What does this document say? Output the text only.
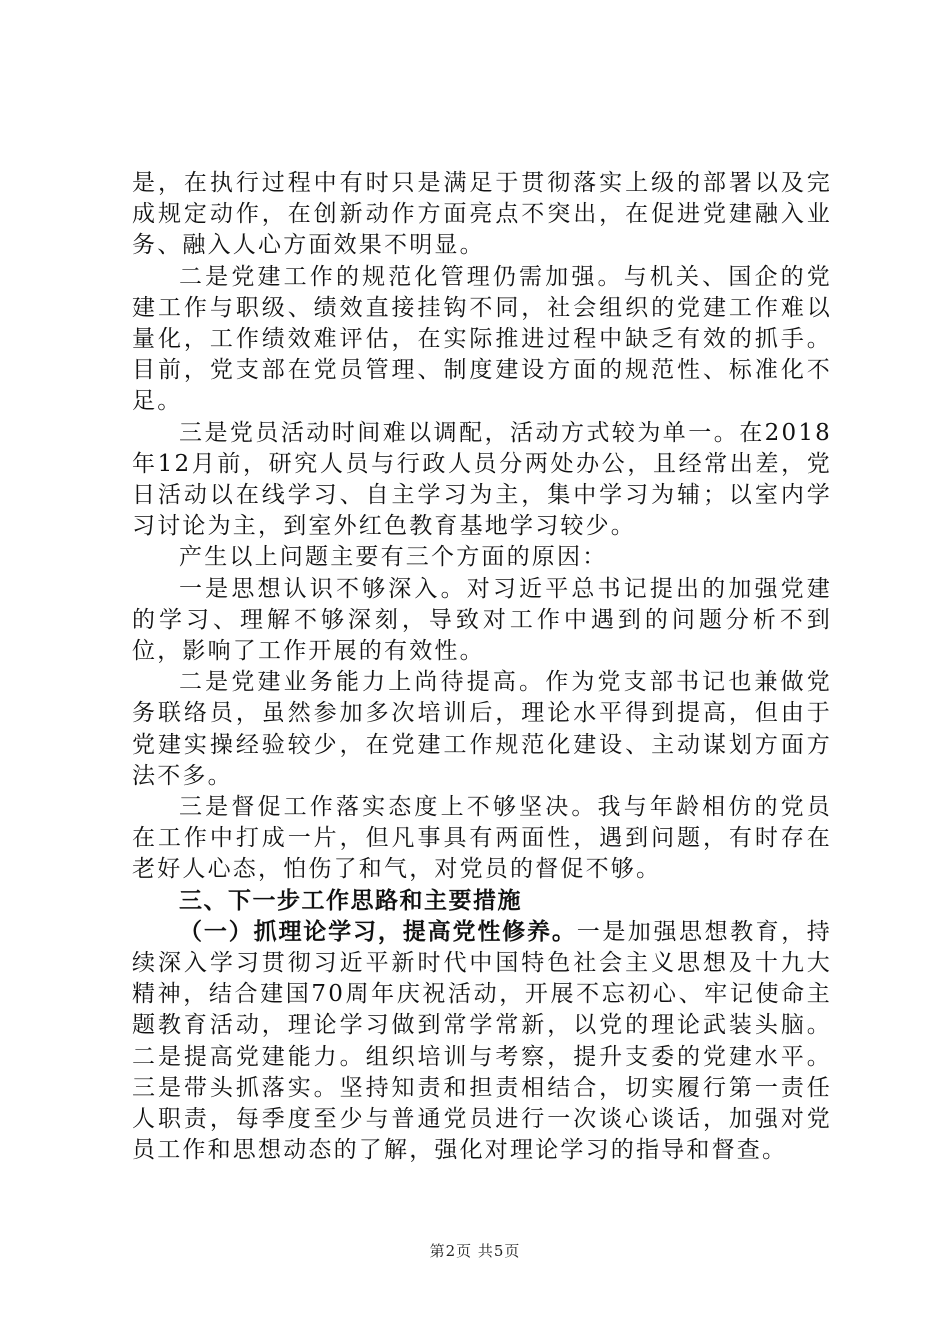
是，在执行过程中有时只是满足于贯彻落实上级的部署以及完成规定动作，在创新动作方面亮点不突出，在促进党建融入业务、融入人心方面效果不明显。

二是党建工作的规范化管理仍需加强。与机关、国企的党建工作与职级、绩效直接挂钩不同，社会组织的党建工作难以量化，工作绩效难评估，在实际推进过程中缺乏有效的抓手。目前，党支部在党员管理、制度建设方面的规范性、标准化不足。

三是党员活动时间难以调配，活动方式较为单一。在2018年12月前，研究人员与行政人员分两处办公，且经常出差，党日活动以在线学习、自主学习为主，集中学习为辅；以室内学习讨论为主，到室外红色教育基地学习较少。

产生以上问题主要有三个方面的原因：

一是思想认识不够深入。对习近平总书记提出的加强党建的学习、理解不够深刻，导致对工作中遇到的问题分析不到位，影响了工作开展的有效性。

二是党建业务能力上尚待提高。作为党支部书记也兼做党务联络员，虽然参加多次培训后，理论水平得到提高，但由于党建实操经验较少，在党建工作规范化建设、主动谋划方面方法不多。

三是督促工作落实态度上不够坚决。我与年龄相仿的党员在工作中打成一片，但凡事具有两面性，遇到问题，有时存在老好人心态，怕伤了和气，对党员的督促不够。

三、下一步工作思路和主要措施

（一）抓理论学习，提高党性修养。一是加强思想教育，持续深入学习贯彻习近平新时代中国特色社会主义思想及十九大精神，结合建国70周年庆祝活动，开展不忘初心、牢记使命主题教育活动，理论学习做到常学常新，以党的理论武装头脑。二是提高党建能力。组织培训与考察，提升支委的党建水平。三是带头抓落实。坚持知责和担责相结合，切实履行第一责任人职责，每季度至少与普通党员进行一次谈心谈话，加强对党员工作和思想动态的了解，强化对理论学习的指导和督查。

第2页 共5页
